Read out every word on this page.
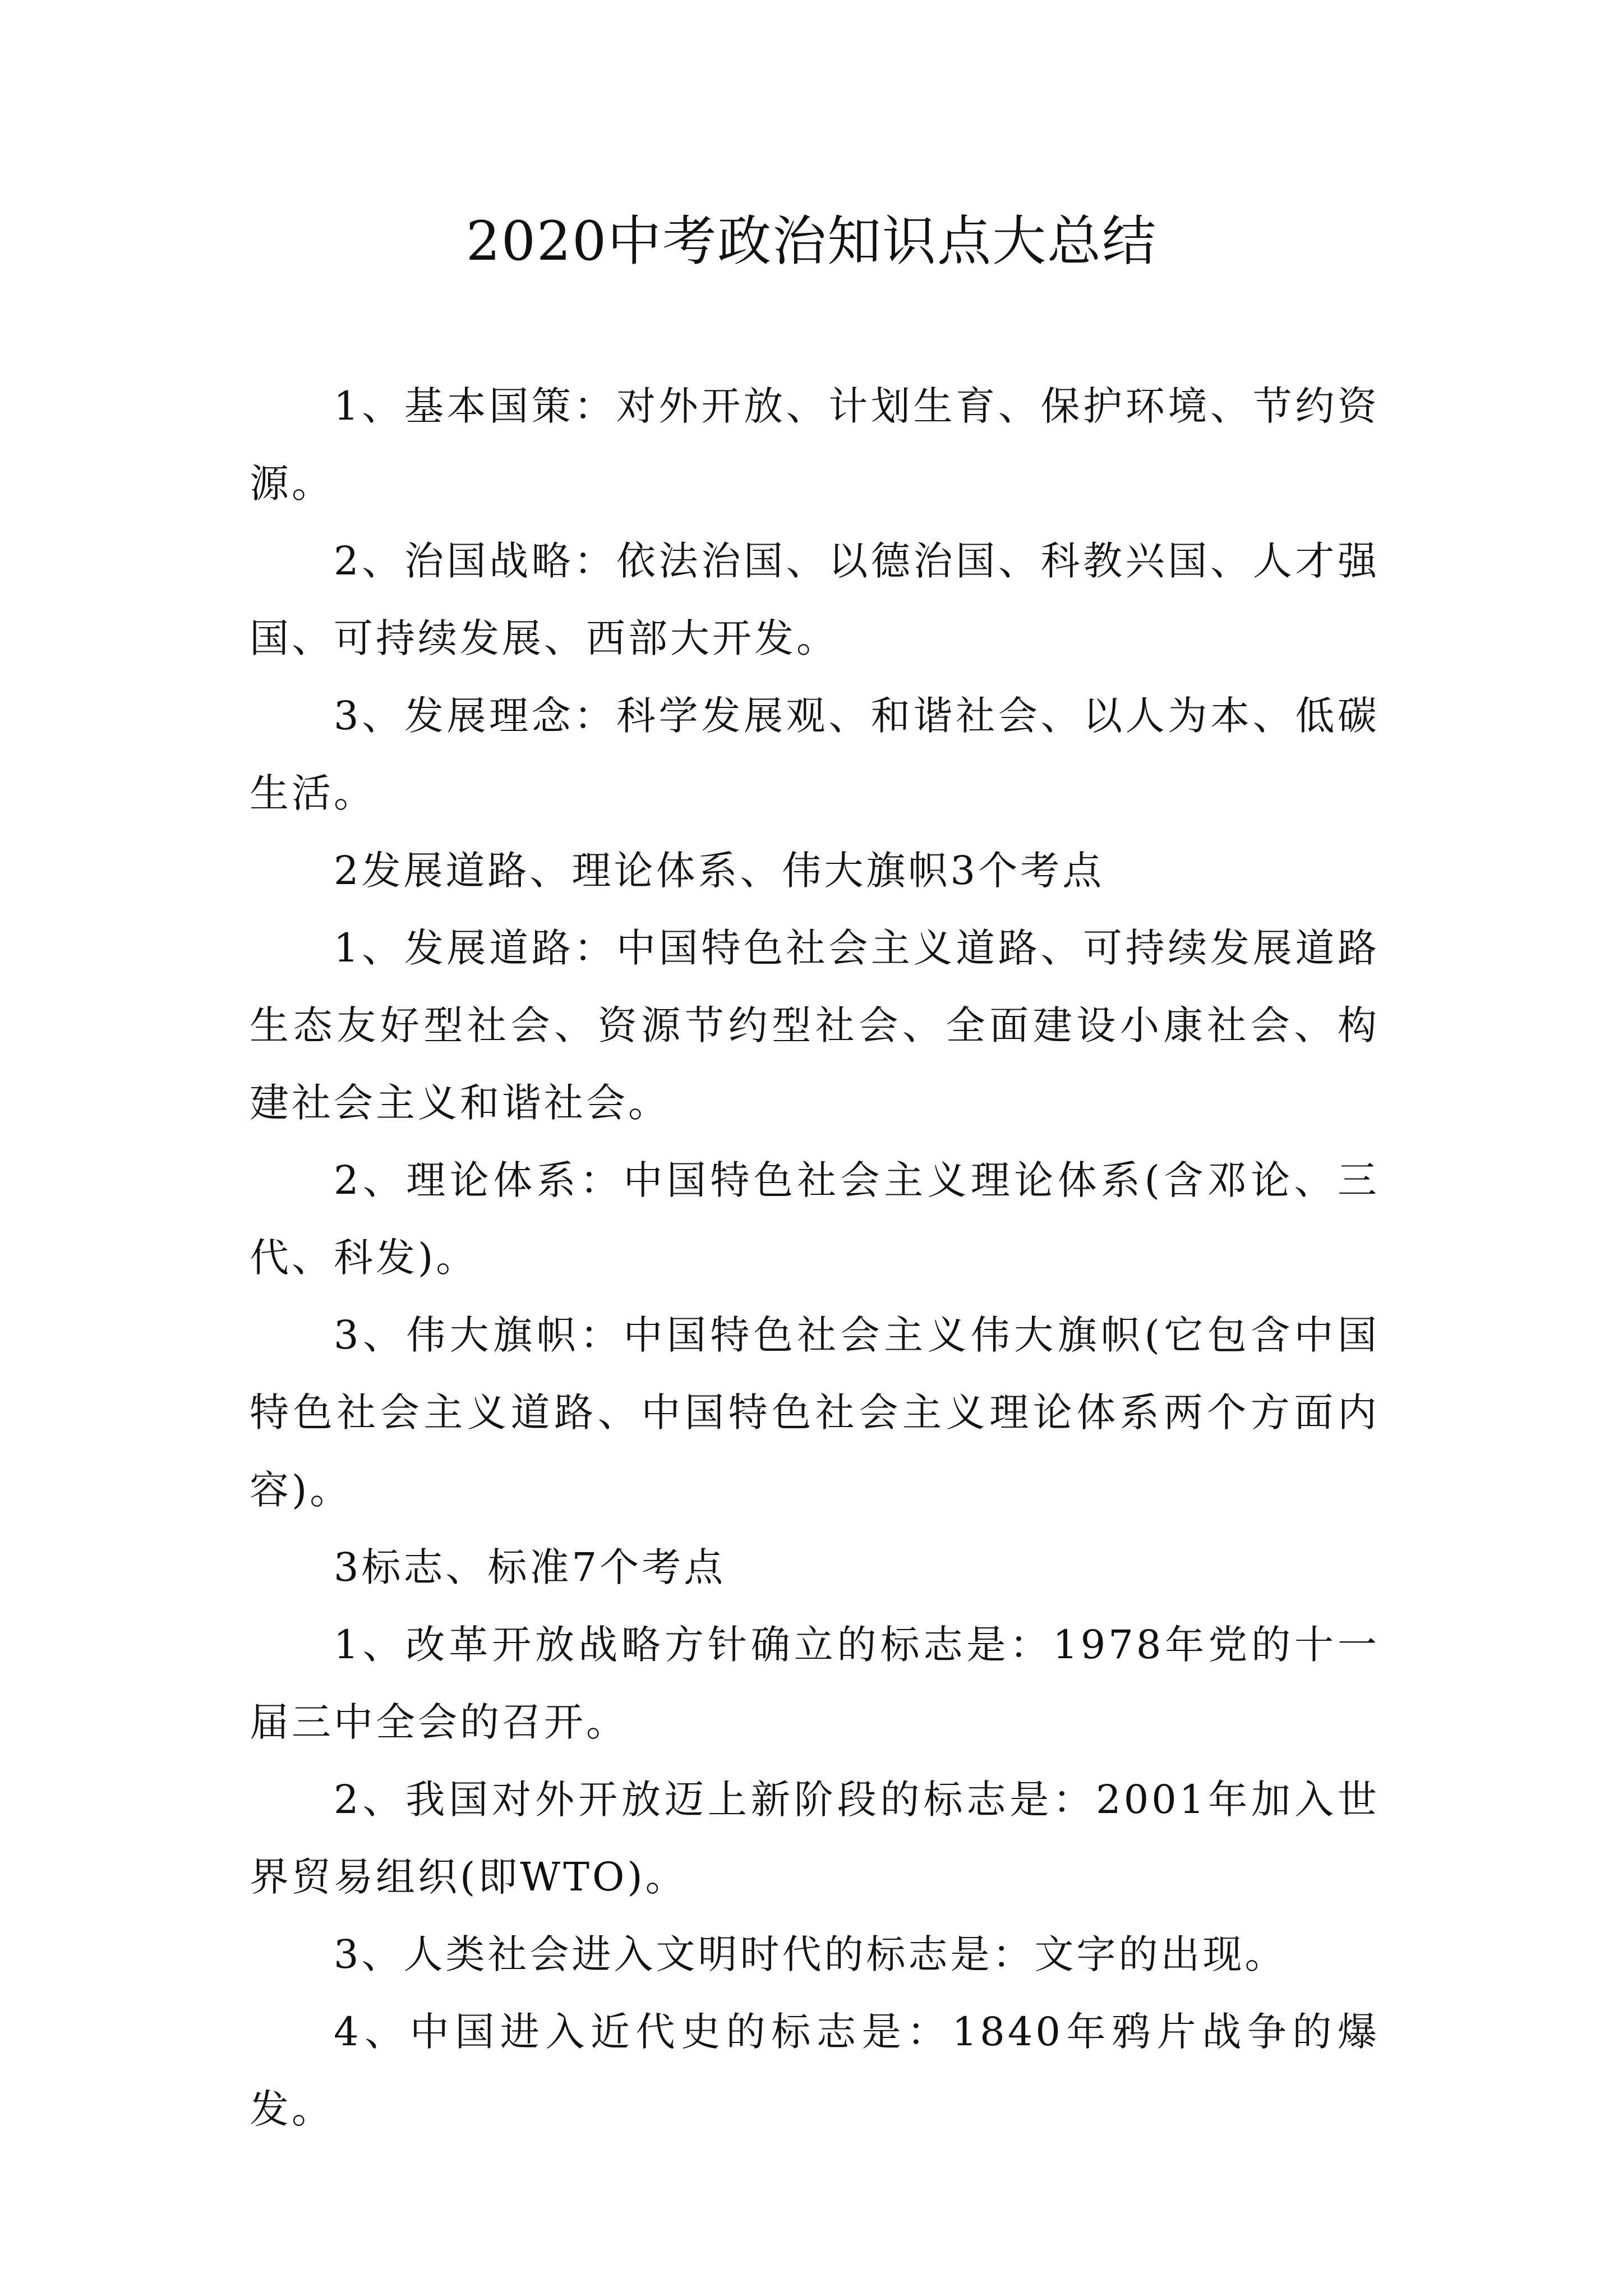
2020中考政治知识点大总结

1、基本国策：对外开放、计划生育、保护环境、节约资源。

2、治国战略：依法治国、以德治国、科教兴国、人才强国、可持续发展、西部大开发。

3、发展理念：科学发展观、和谐社会、以人为本、低碳生活。

2发展道路、理论体系、伟大旗帜3个考点

1、发展道路：中国特色社会主义道路、可持续发展道路生态友好型社会、资源节约型社会、全面建设小康社会、构建社会主义和谐社会。

2、理论体系：中国特色社会主义理论体系(含邓论、三代、科发)。

3、伟大旗帜：中国特色社会主义伟大旗帜(它包含中国特色社会主义道路、中国特色社会主义理论体系两个方面内容)。

3标志、标准7个考点

1、改革开放战略方针确立的标志是：1978年党的十一届三中全会的召开。

2、我国对外开放迈上新阶段的标志是：2001年加入世界贸易组织(即WTO)。

3、人类社会进入文明时代的标志是：文字的出现。

4、中国进入近代史的标志是：1840年鸦片战争的爆发。
